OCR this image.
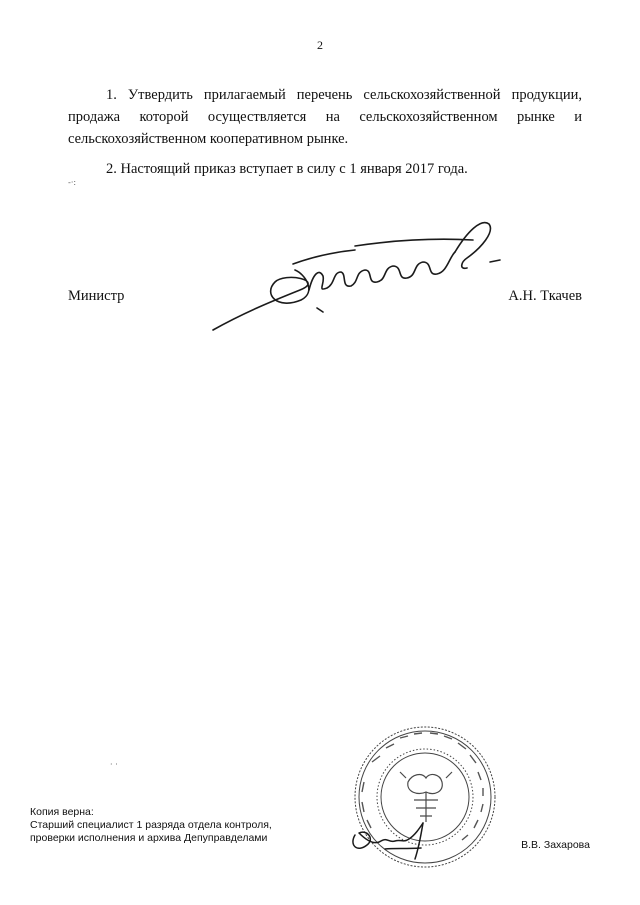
2

1. Утвердить прилагаемый перечень сельскохозяйственной продукции, продажа которой осуществляется на сельскохозяйственном рынке и сельскохозяйственном кооперативном рынке.

2. Настоящий приказ вступает в силу с 1 января 2017 года.

-·:
Министр	А.Н. Ткачев
· ·
Копия верна:
Старший специалист 1 разряда отдела контроля,
проверки исполнения и архива Депуправделами
В.В. Захарова
